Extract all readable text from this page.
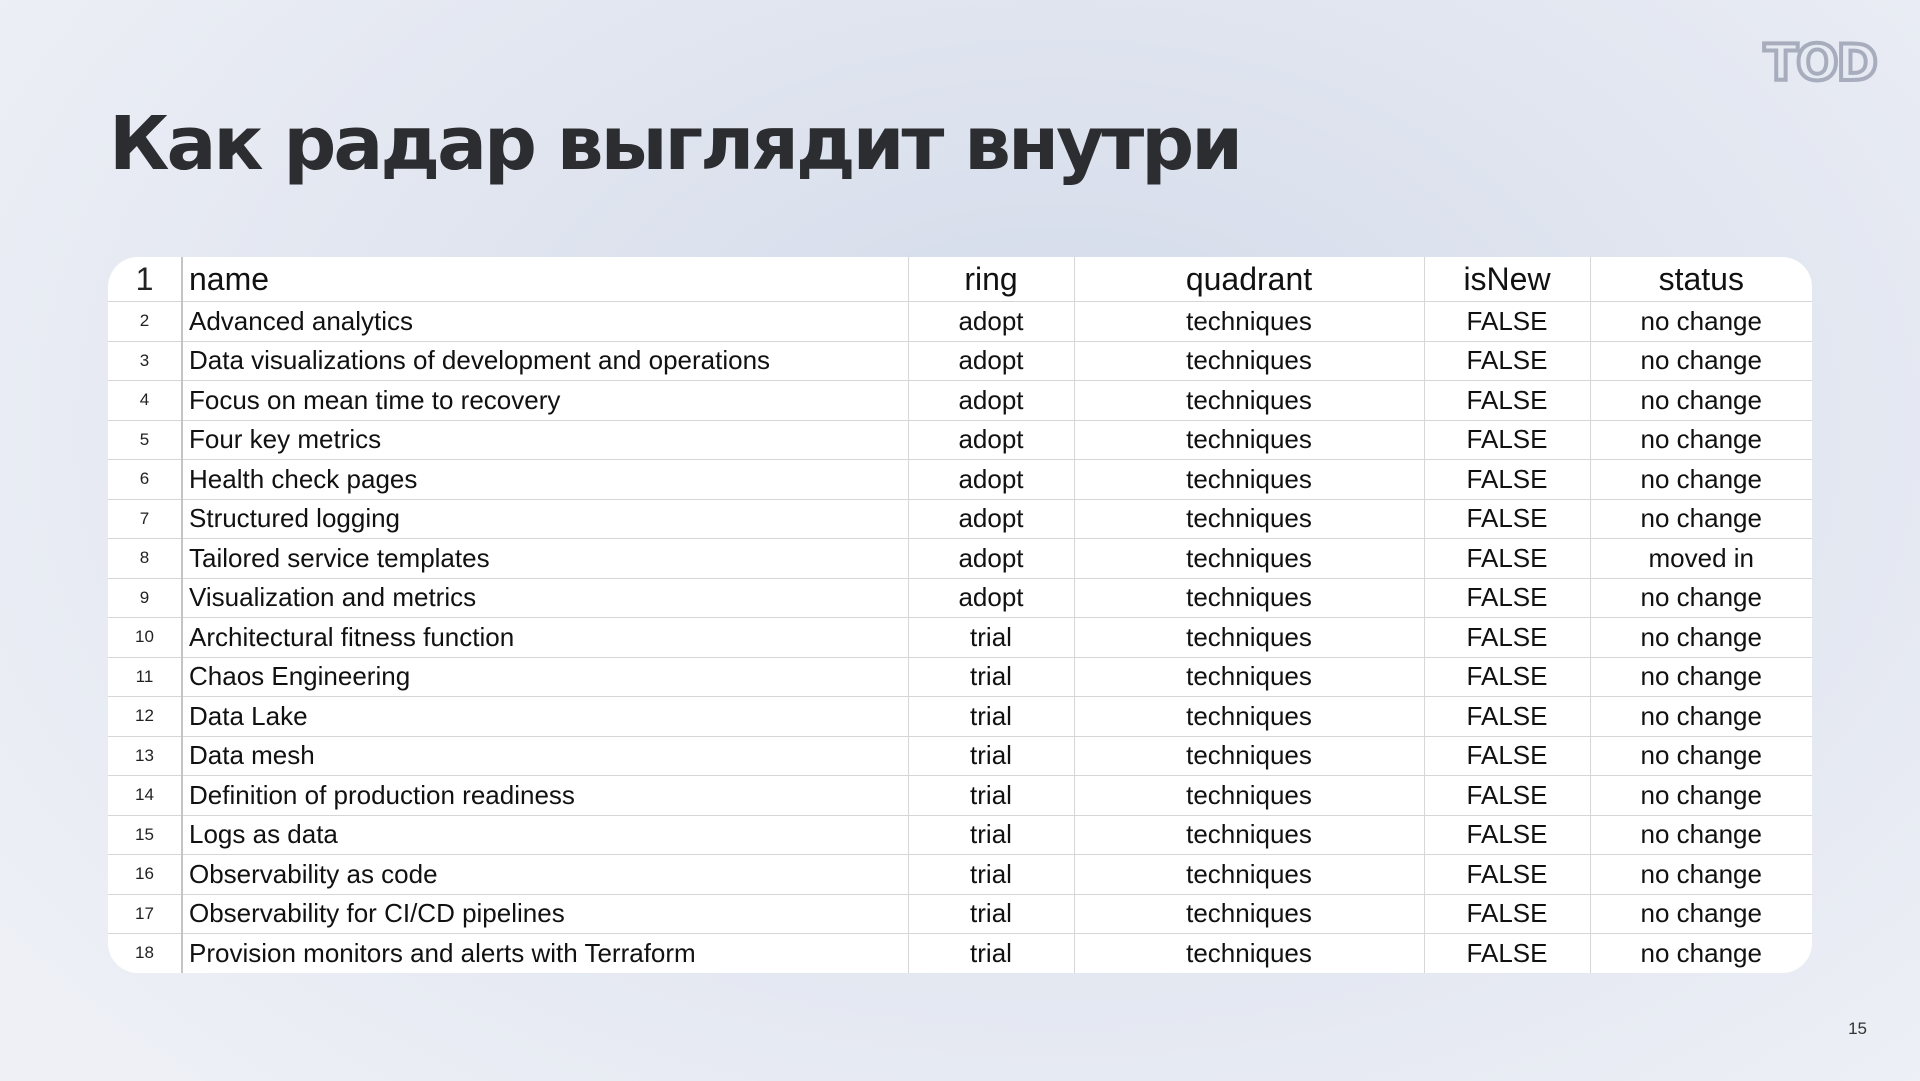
TOD
Как радар выглядит внутри
1	name	ring	quadrant	isNew	status
2	Advanced analytics	adopt	techniques	FALSE	no change
3	Data visualizations of development and operations	adopt	techniques	FALSE	no change
4	Focus on mean time to recovery	adopt	techniques	FALSE	no change
5	Four key metrics	adopt	techniques	FALSE	no change
6	Health check pages	adopt	techniques	FALSE	no change
7	Structured logging	adopt	techniques	FALSE	no change
8	Tailored service templates	adopt	techniques	FALSE	moved in
9	Visualization and metrics	adopt	techniques	FALSE	no change
10	Architectural fitness function	trial	techniques	FALSE	no change
11	Chaos Engineering	trial	techniques	FALSE	no change
12	Data Lake	trial	techniques	FALSE	no change
13	Data mesh	trial	techniques	FALSE	no change
14	Definition of production readiness	trial	techniques	FALSE	no change
15	Logs as data	trial	techniques	FALSE	no change
16	Observability as code	trial	techniques	FALSE	no change
17	Observability for CI/CD pipelines	trial	techniques	FALSE	no change
18	Provision monitors and alerts with Terraform	trial	techniques	FALSE	no change
15
